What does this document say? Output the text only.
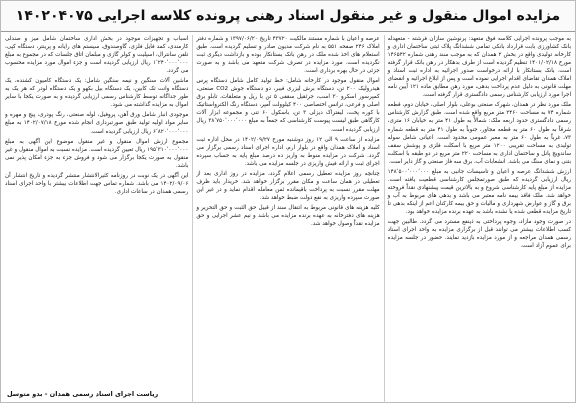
مزایده اموال منقول و غیر منقول اسناد رهنی پرونده کلاسه اجرایی ۱۴۰۲۰۴۰۷۵

به موجب پرونده اجرایی کلاسه فوق متعهد: پرنوشین سازان فرشته - متعهدله بانک کشاورزی بابت قرارداد بانکی تمامی ششدانگ پلاک ثبتی ساختمان اداری و کارخانه تولیدی واقع در بخش ۲ همدان که به موجب سند رهنی شماره ۱۴۶۵۴۲ مورخ ۱۴۰۱/۰۲/۱۸ تنظیم گردیده است از طرف بدهکار در رهن بانک قرار گرفته است. بانک بستانکار با ارائه درخواست صدور اجرائیه به اداره ثبت اسناد و املاک همدان تقاضای اقدام اجرایی نموده است و پس از ابلاغ اجرائیه و انقضای مهلت قانونی به دلیل عدم پرداخت بدهی، مورد رهن مطابق ماده ۱۲۱ آیین نامه اجرا مورد ارزیابی کارشناس رسمی دادگستری قرار گرفته است.

ملک مورد نظر در همدان، شهرک صنعتی بوعلی، بلوار اصلی، خیابان دوم، قطعه شماره ۷۴ به مساحت ۲۴۶۰ متر مربع واقع شده است. طبق گزارش کارشناس رسمی دادگستری حدود اربعه ملک: شمالاً به طول ۴۱ متر به خیابان ۱۶ متری، شرقاً به طول ۶۰ متر به قطعه مجاور، جنوباً به طول ۴۱ متر به قطعه شماره ۷۳، غرباً به طول ۶۰ متر به معبر عمومی محدود است. اعیانی شامل سوله تولیدی به مساحت تقریبی ۱۲۰۰ متر مربع با اسکلت فلزی و پوشش سقف ساندویچ پانل و ساختمان اداری به مساحت ۲۲۰ متر مربع در دو طبقه با اسکلت بتنی و نمای سنگ می باشد. انشعابات آب، برق سه فاز صنعتی و گاز دایر است.

ارزش ششدانگ عرصه و اعیان و تاسیسات جانبی به مبلغ ۱۴۸٬۵۰۰٬۰۰۰٬۰۰۰ ریال ارزیابی گردیده که طبق صورتمجلس کارشناسی قطعیت یافته است. مزایده از مبلغ پایه کارشناسی شروع و به بالاترین قیمت پیشنهادی نقداً فروخته خواهد شد. ملک فاقد بیمه نامه معتبر می باشد و بدهی های مربوط به آب و برق و گاز و عوارض شهرداری و مالیات و حق بیمه کارکنان اعم از اینکه بدهی تا تاریخ مزایده قطعی شده یا نشده باشد به عهده برنده مزایده خواهد بود.

در صورت وجود مازاد، وجوه پرداختی به ذینفع مسترد می گردد. طالبین جهت کسب اطلاعات بیشتر می توانند قبل از برگزاری مزایده به واحد اجرای اسناد رسمی همدان مراجعه و از مورد مزایده بازدید نمایند. حضور در جلسه مزایده برای عموم آزاد است.

عرصه و اعیان با شماره مستند مالکیت ۴۳۷۲۰ تاریخ ۱۳۹۷/۰۶/۲۰ و شماره دفتر املاک ۲۴۶ صفحه ۵۵۱ به نام شرکت مدیون صادر و تسلیم گردیده است. طبق استعلام های اخذ شده ملک در رهن بانک بستانکار بوده و بازداشت دیگری ثبت نگردیده است. مورد مزایده در تصرف شرکت متعهد می باشد و به صورت جزئی در حال بهره برداری است.

اموال منقول موجود در کارخانه شامل: خط تولید کامل شامل دستگاه پرس هیدرولیک ۲۰۰ تن، دستگاه برش لیزری فیبر، دو دستگاه جوش CO2 صنعتی، کمپرسور اسکرو ۳۰ اسب، جرثقیل سقفی ۵ تن با ریل و متعلقات، تابلو برق اصلی و فرعی، ترانس اختصاصی ۴۰۰ کیلوولت آمپر، دستگاه رنگ الکترواستاتیک با کوره پخت، لیفتراک دیزلی ۳ تن، باسکول ۶۰ تنی و مجموعه ابزار آلات کارگاهی طبق لیست پیوست کارشناسی که جمعاً به مبلغ ۳۸٬۷۵۰٬۰۰۰٬۰۰۰ ریال ارزیابی گردیده است.

مزایده از ساعت ۹ الی ۱۲ روز دوشنبه مورخ ۱۴۰۲/۰۹/۲۷ در محل اداره ثبت اسناد و املاک همدان واقع در بلوار ارم، اداره اجرای اسناد رسمی برگزار می گردد. شرکت در مزایده منوط به واریز ده درصد مبلغ پایه به حساب سپرده اجرای ثبت و ارائه فیش واریزی در جلسه مزایده می باشد.

چنانچه روز مزایده تعطیل رسمی اعلام گردد، مزایده در روز اداری بعد از تعطیلی در همان ساعت و مکان مقرر برگزار خواهد شد. خریدار باید ظرف مهلت مقرر نسبت به پرداخت باقیمانده ثمن معامله اقدام نماید و در غیر این صورت سپرده واریزی به نفع دولت ضبط خواهد شد.

کلیه هزینه های قانونی مربوط به انتقال سند از قبیل حق الثبت و حق التحریر و هزینه های دفترخانه به عهده برنده مزایده می باشد و نیم عشر اجرایی و حق مزایده نقداً وصول خواهد شد.

اسباب و تجهیزات موجود در بخش اداری ساختمان شامل میز و صندلی کارمندی، کمد فایل فلزی، گاوصندوق، سیستم های رایانه و پرینتر، دستگاه کپی، تلفن سانترال، اسپلیت و کولر گازی و مبلمان اتاق جلسات که در مجموع به مبلغ ۱٬۲۴۰٬۰۰۰٬۰۰۰ ریال ارزیابی گردیده است و جزء اموال مورد مزایده محسوب می گردد.

ماشین آلات سنگین و نیمه سنگین شامل: یک دستگاه کامیون کشنده، یک دستگاه وانت تک کابین، یک دستگاه بیل بکهو و یک دستگاه لودر که هر یک به طور جداگانه توسط کارشناس رسمی ارزیابی گردیده و به صورت یکجا با سایر اموال به مزایده گذاشته می شود.

موجودی انبار شامل ورق آهن، پروفیل، لوله صنعتی، رنگ پودری، پیچ و مهره و سایر مواد اولیه تولید طبق صورتبرداری انجام شده مورخ ۱۴۰۲/۰۷/۱۸ به مبلغ ۶٬۸۲۰٬۰۰۰٬۰۰۰ ریال ارزیابی گردیده است.

مجموع ارزش اموال منقول و غیر منقول موضوع این آگهی به مبلغ ۱۹۵٬۳۱۰٬۰۰۰٬۰۰۰ ریال تعیین گردیده است. مزایده نسبت به اموال منقول و غیر منقول به صورت یکجا برگزار می شود و فروش جزء به جزء امکان پذیر نمی باشد.

این آگهی در یک نوبت در روزنامه کثیرالانتشار منتشر گردیده و تاریخ انتشار آن ۱۴۰۲/۰۹/۰۶ می باشد. شماره تماس جهت اطلاعات بیشتر با واحد اجرای اسناد رسمی همدان در ساعات اداری.

ریاست اجرای اسناد رسمی همدان - بدو متوسل
